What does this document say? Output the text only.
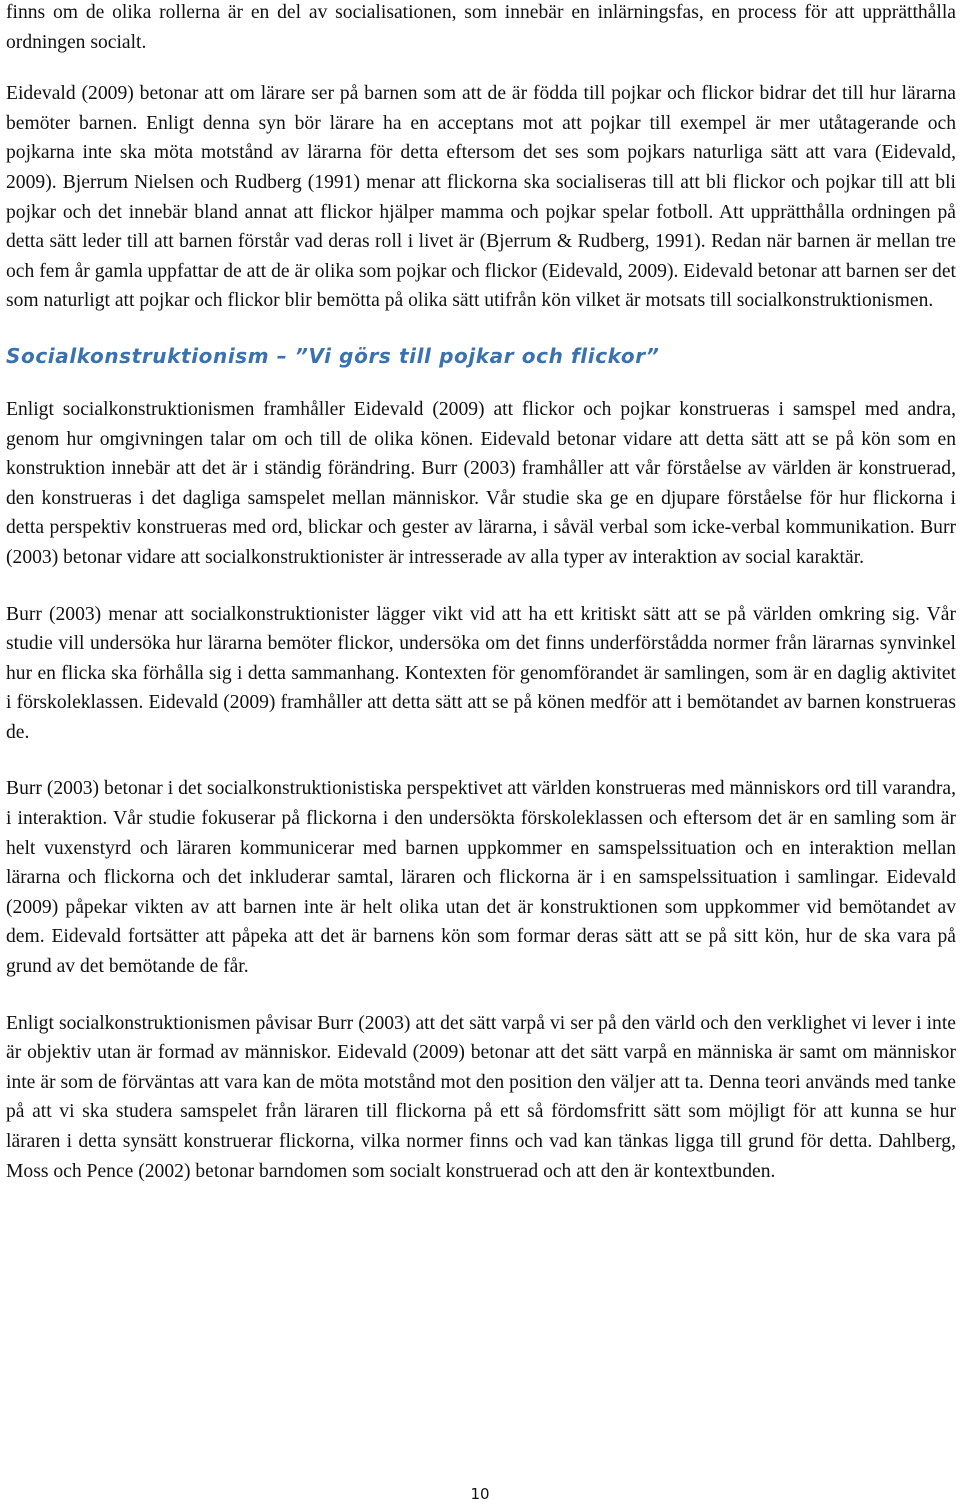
finns om de olika rollerna är en del av socialisationen, som innebär en inlärningsfas, en process för att upprätthålla ordningen socialt.

Eidevald (2009) betonar att om lärare ser på barnen som att de är födda till pojkar och flickor bidrar det till hur lärarna bemöter barnen. Enligt denna syn bör lärare ha en acceptans mot att pojkar till exempel är mer utåtagerande och pojkarna inte ska möta motstånd av lärarna för detta eftersom det ses som pojkars naturliga sätt att vara (Eidevald, 2009). Bjerrum Nielsen och Rudberg (1991) menar att flickorna ska socialiseras till att bli flickor och pojkar till att bli pojkar och det innebär bland annat att flickor hjälper mamma och pojkar spelar fotboll. Att upprätthålla ordningen på detta sätt leder till att barnen förstår vad deras roll i livet är (Bjerrum & Rudberg, 1991). Redan när barnen är mellan tre och fem år gamla uppfattar de att de är olika som pojkar och flickor (Eidevald, 2009). Eidevald betonar att barnen ser det som naturligt att pojkar och flickor blir bemötta på olika sätt utifrån kön vilket är motsats till socialkonstruktionismen.

Socialkonstruktionism – ”Vi görs till pojkar och flickor”

Enligt socialkonstruktionismen framhåller Eidevald (2009) att flickor och pojkar konstrueras i samspel med andra, genom hur omgivningen talar om och till de olika könen. Eidevald betonar vidare att detta sätt att se på kön som en konstruktion innebär att det är i ständig förändring. Burr (2003) framhåller att vår förståelse av världen är konstruerad, den konstrueras i det dagliga samspelet mellan människor. Vår studie ska ge en djupare förståelse för hur flickorna i detta perspektiv konstrueras med ord, blickar och gester av lärarna, i såväl verbal som icke-verbal kommunikation. Burr (2003) betonar vidare att socialkonstruktionister är intresserade av alla typer av interaktion av social karaktär.

Burr (2003) menar att socialkonstruktionister lägger vikt vid att ha ett kritiskt sätt att se på världen omkring sig. Vår studie vill undersöka hur lärarna bemöter flickor, undersöka om det finns underförstådda normer från lärarnas synvinkel hur en flicka ska förhålla sig i detta sammanhang. Kontexten för genomförandet är samlingen, som är en daglig aktivitet i förskoleklassen. Eidevald (2009) framhåller att detta sätt att se på könen medför att i bemötandet av barnen konstrueras de.

Burr (2003) betonar i det socialkonstruktionistiska perspektivet att världen konstrueras med människors ord till varandra, i interaktion. Vår studie fokuserar på flickorna i den undersökta förskoleklassen och eftersom det är en samling som är helt vuxenstyrd och läraren kommunicerar med barnen uppkommer en samspelssituation och en interaktion mellan lärarna och flickorna och det inkluderar samtal, läraren och flickorna är i en samspelssituation i samlingar. Eidevald (2009) påpekar vikten av att barnen inte är helt olika utan det är konstruktionen som uppkommer vid bemötandet av dem. Eidevald fortsätter att påpeka att det är barnens kön som formar deras sätt att se på sitt kön, hur de ska vara på grund av det bemötande de får.

Enligt socialkonstruktionismen påvisar Burr (2003) att det sätt varpå vi ser på den värld och den verklighet vi lever i inte är objektiv utan är formad av människor. Eidevald (2009) betonar att det sätt varpå en människa är samt om människor inte är som de förväntas att vara kan de möta motstånd mot den position den väljer att ta. Denna teori används med tanke på att vi ska studera samspelet från läraren till flickorna på ett så fördomsfritt sätt som möjligt för att kunna se hur läraren i detta synsätt konstruerar flickorna, vilka normer finns och vad kan tänkas ligga till grund för detta. Dahlberg, Moss och Pence (2002) betonar barndomen som socialt konstruerad och att den är kontextbunden.

10
